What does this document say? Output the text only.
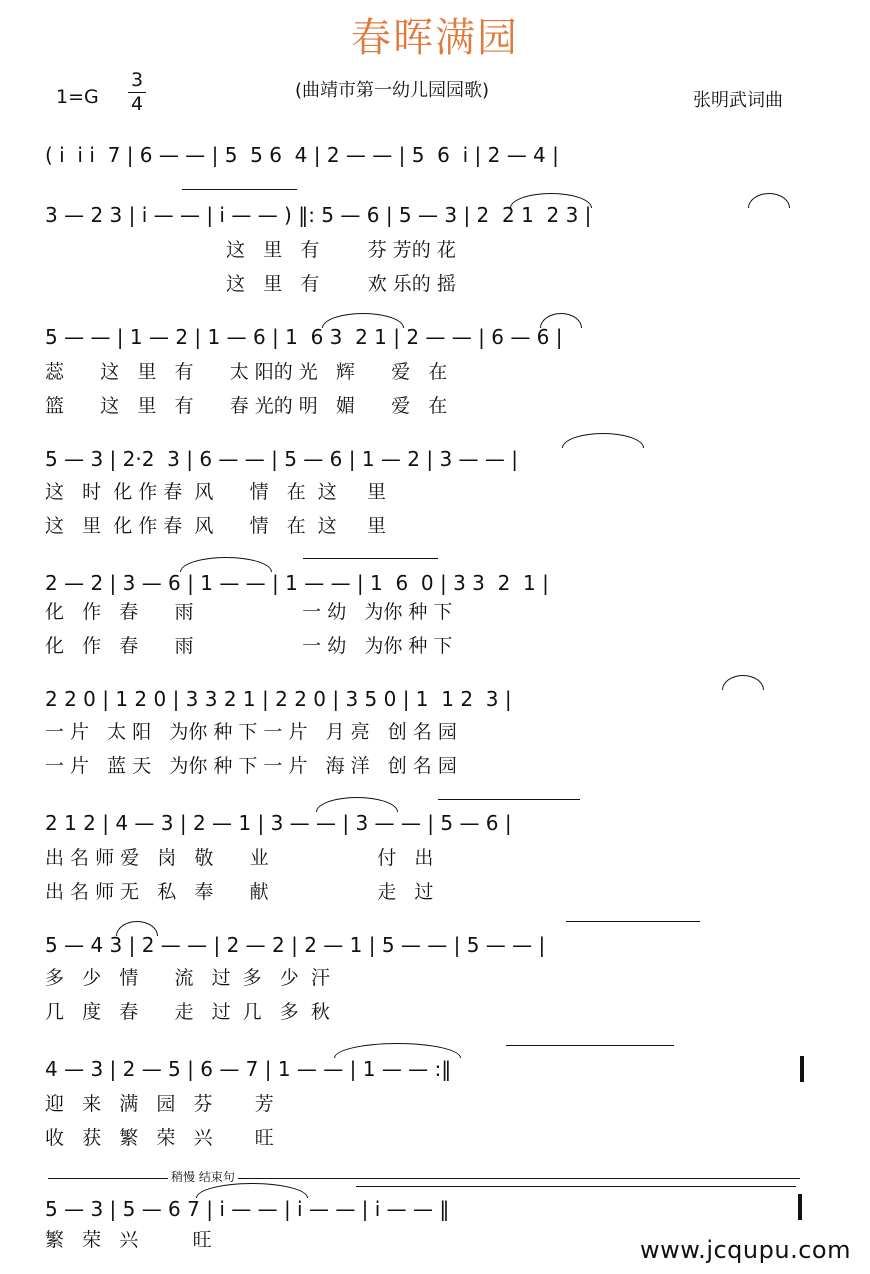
春晖满园
1=G
3
4
(曲靖市第一幼儿园园歌)	张明武词曲
( i  i i  7 | 6 — — | 5  5 6  4 | 2 — — | 5  6  i | 2 — 4 |
3 — 2 3 | i — — | i — — ) ‖: 5 — 6 | 5 — 3 | 2  2 1  2 3 |
这   里   有        芬 芳的 花
这   里   有        欢 乐的 摇
5 — — | 1 — 2 | 1 — 6 | 1  6 3  2 1 | 2 — — | 6 — 6 |
蕊      这   里   有      太 阳的 光   辉      爱   在
篮      这   里   有      春 光的 明   媚      爱   在
5 — 3 | 2·2  3 | 6 — — | 5 — 6 | 1 — 2 | 3 — — |
这   时  化 作 春  风      情   在  这     里
这   里  化 作 春  风      情   在  这     里
2 — 2 | 3 — 6 | 1 — — | 1 — — | 1  6  0 | 3 3  2  1 |
化   作   春      雨                  一 幼   为你 种 下
化   作   春      雨                  一 幼   为你 种 下
2 2 0 | 1 2 0 | 3 3 2 1 | 2 2 0 | 3 5 0 | 1  1 2  3 |
一 片   太 阳   为你 种 下 一 片   月 亮   创 名 园
一 片   蓝 天   为你 种 下 一 片   海 洋   创 名 园
2 1 2 | 4 — 3 | 2 — 1 | 3 — — | 3 — — | 5 — 6 |
出 名 师 爱   岗   敬      业                  付   出
出 名 师 无   私   奉      献                  走   过
5 — 4 3 | 2 — — | 2 — 2 | 2 — 1 | 5 — — | 5 — — |
多   少   情      流   过  多   少  汗
几   度   春      走   过  几   多  秋
4 — 3 | 2 — 5 | 6 — 7 | 1 — — | 1 — — :‖
迎   来   满   园   芬       芳
收   获   繁   荣   兴       旺
稍慢 结束句
5 — 3 | 5 — 6 7 | i — — | i — — | i — — ‖
繁   荣   兴         旺	www.jcqupu.com
